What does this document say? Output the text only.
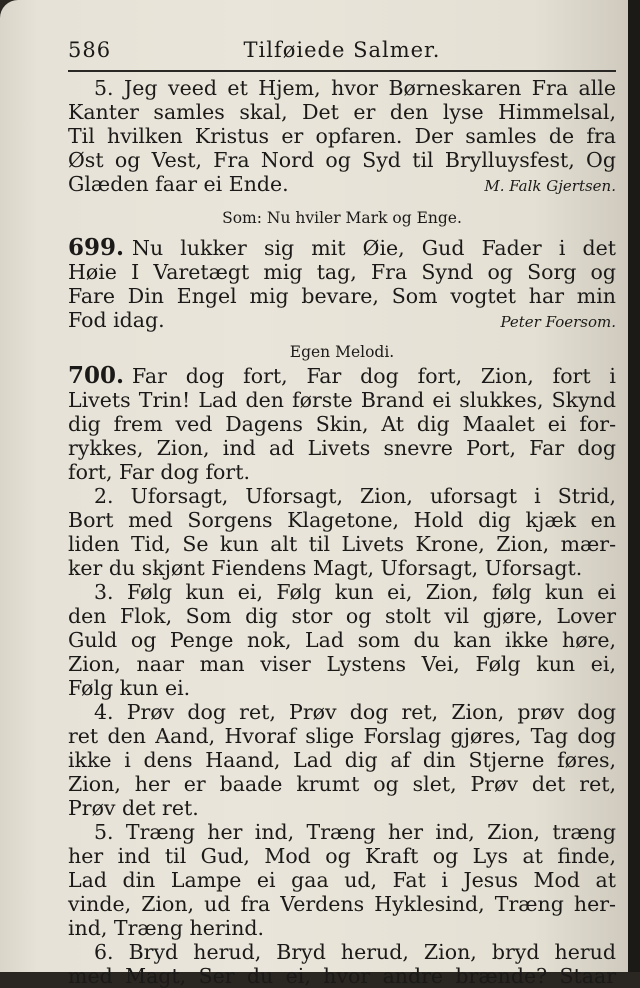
586	Tilføiede Salmer.
5. Jeg veed et Hjem, hvor Børneskaren Fra alle
Kanter samles skal, Det er den lyse Himmelsal,
Til hvilken Kristus er opfaren. Der samles de fra
Øst og Vest, Fra Nord og Syd til Brylluysfest, Og
Glæden faar ei Ende.	M. Falk Gjertsen.
Som: Nu hviler Mark og Enge.
699. Nu lukker sig mit Øie, Gud Fader i det
Høie I Varetægt mig tag, Fra Synd og Sorg og
Fare Din Engel mig bevare, Som vogtet har min
Fod idag.	Peter Foersom.
Egen Melodi.
700. Far dog fort, Far dog fort, Zion, fort i
Livets Trin! Lad den første Brand ei slukkes, Skynd
dig frem ved Dagens Skin, At dig Maalet ei for-
rykkes, Zion, ind ad Livets snevre Port, Far dog
fort, Far dog fort.
2. Uforsagt, Uforsagt, Zion, uforsagt i Strid,
Bort med Sorgens Klagetone, Hold dig kjæk en
liden Tid, Se kun alt til Livets Krone, Zion, mær-
ker du skjønt Fiendens Magt, Uforsagt, Uforsagt.
3. Følg kun ei, Følg kun ei, Zion, følg kun ei
den Flok, Som dig stor og stolt vil gjøre, Lover
Guld og Penge nok, Lad som du kan ikke høre,
Zion, naar man viser Lystens Vei, Følg kun ei,
Følg kun ei.
4. Prøv dog ret, Prøv dog ret, Zion, prøv dog
ret den Aand, Hvoraf slige Forslag gjøres, Tag dog
ikke i dens Haand, Lad dig af din Stjerne føres,
Zion, her er baade krumt og slet, Prøv det ret,
Prøv det ret.
5. Træng her ind, Træng her ind, Zion, træng
her ind til Gud, Mod og Kraft og Lys at finde,
Lad din Lampe ei gaa ud, Fat i Jesus Mod at
vinde, Zion, ud fra Verdens Hyklesind, Træng her-
ind, Træng herind.
6. Bryd herud, Bryd herud, Zion, bryd herud
med Magt, Ser du ei, hvor andre brænde? Staar
